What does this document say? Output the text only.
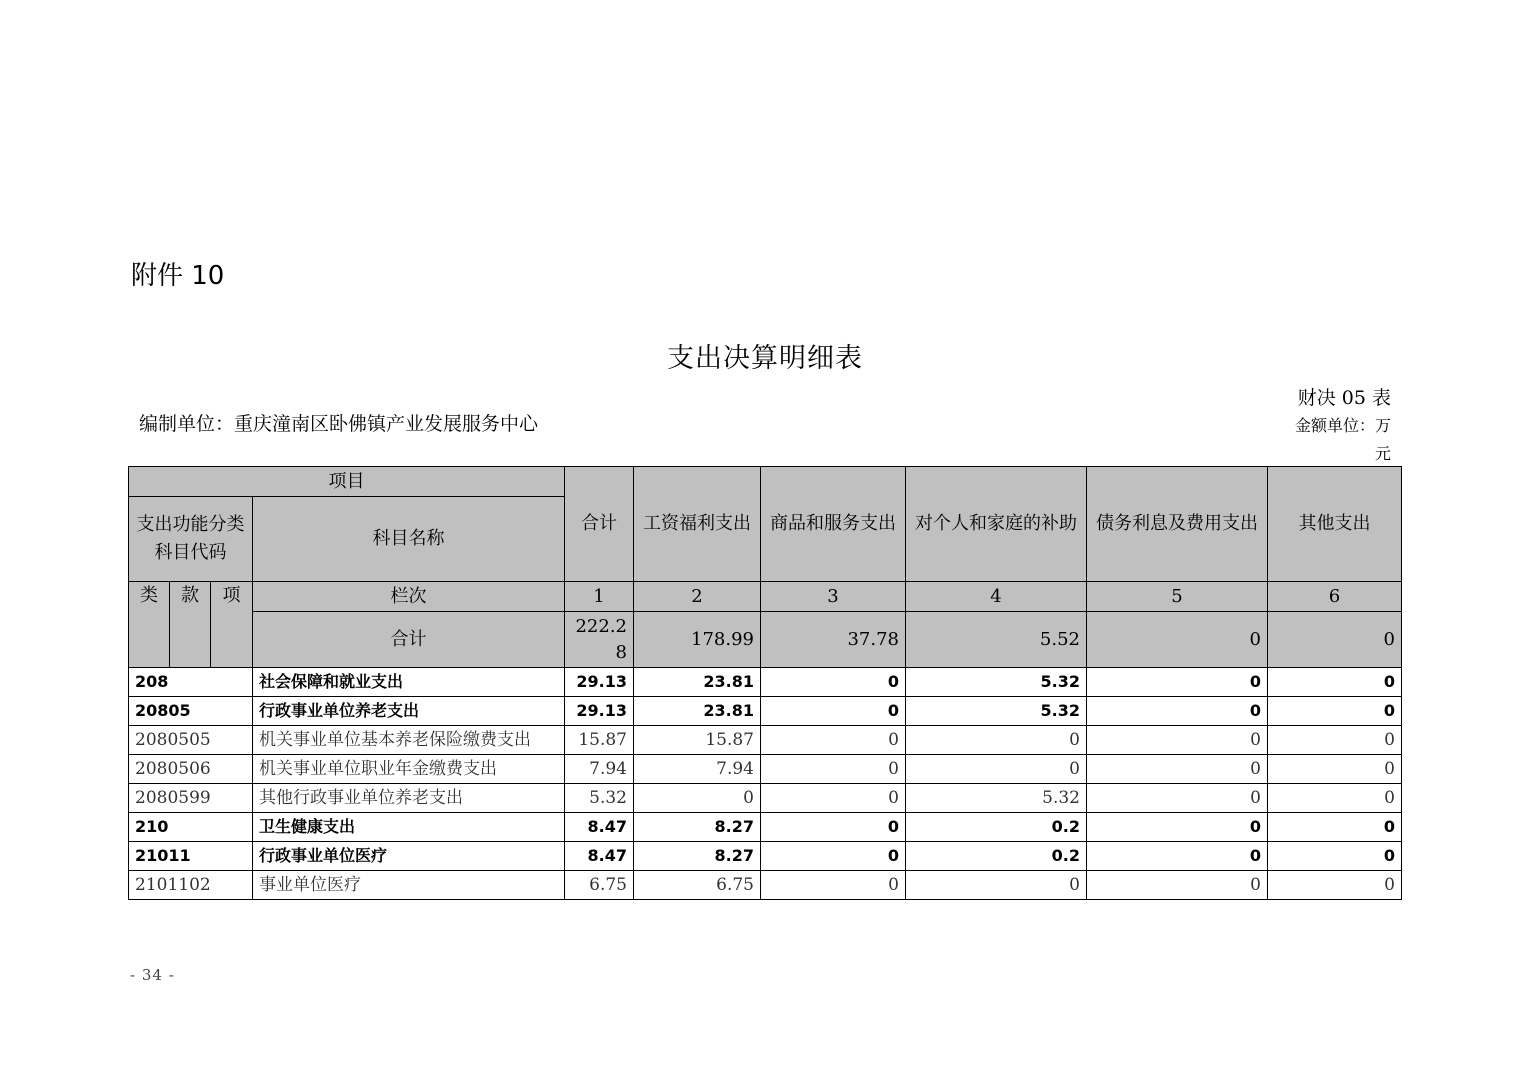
附件 10
支出决算明细表
财决 05 表
编制单位：重庆潼南区卧佛镇产业发展服务中心	金额单位：万元
项目				合计	工资福利支出	商品和服务支出	对个人和家庭的补助	债务利息及费用支出	其他支出
支出功能分类科目代码			科目名称						
类	款	项	栏次	1	2	3	4	5	6
			合计	222.28	178.99	37.78	5.52	0	0
208			社会保障和就业支出	29.13	23.81	0	5.32	0	0
20805			行政事业单位养老支出	29.13	23.81	0	5.32	0	0
2080505			机关事业单位基本养老保险缴费支出	15.87	15.87	0	0	0	0
2080506			机关事业单位职业年金缴费支出	7.94	7.94	0	0	0	0
2080599			其他行政事业单位养老支出	5.32	0	0	5.32	0	0
210			卫生健康支出	8.47	8.27	0	0.2	0	0
21011			行政事业单位医疗	8.47	8.27	0	0.2	0	0
2101102			事业单位医疗	6.75	6.75	0	0	0	0
- 34 -
